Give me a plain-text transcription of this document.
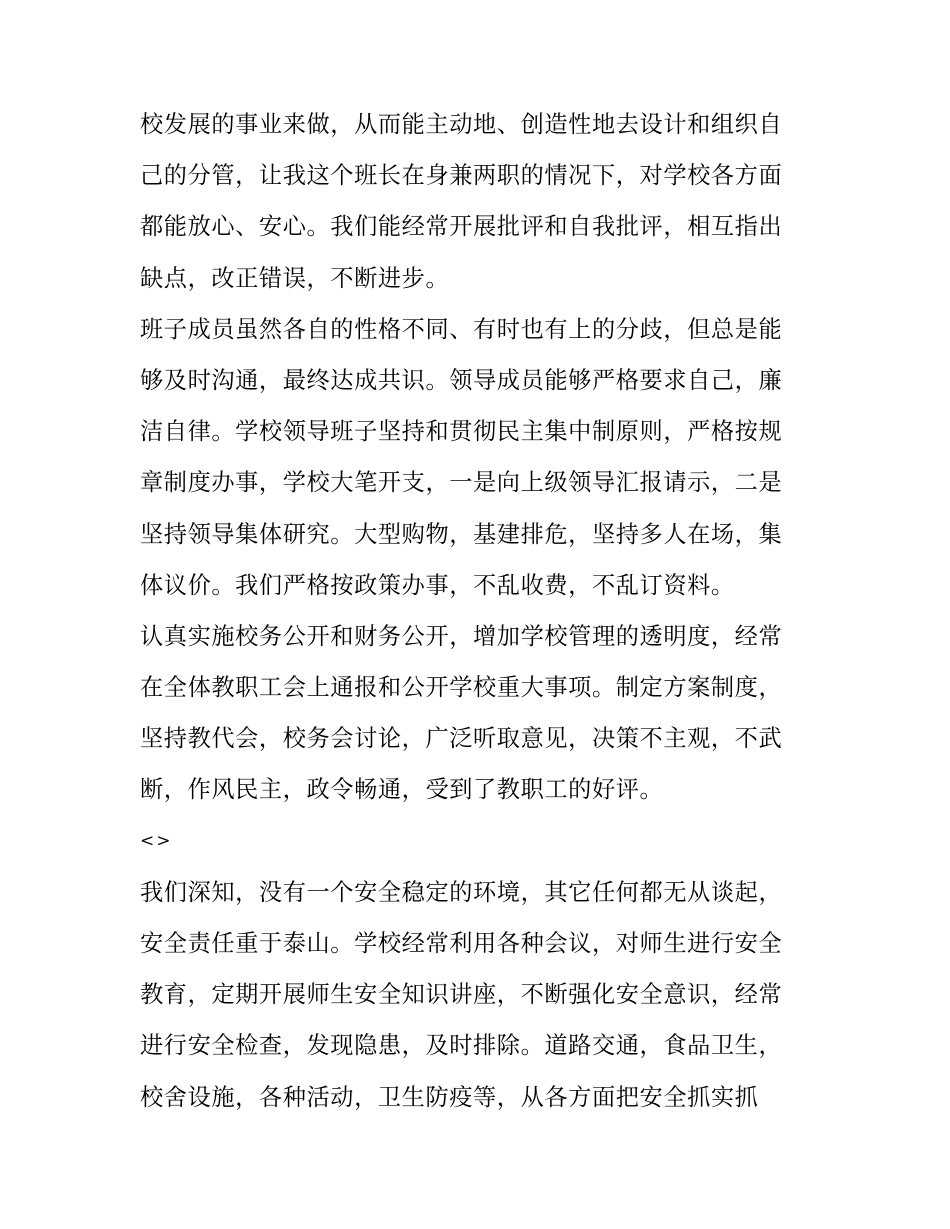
校发展的事业来做，从而能主动地、创造性地去设计和组织自
己的分管，让我这个班长在身兼两职的情况下，对学校各方面
都能放心、安心。我们能经常开展批评和自我批评，相互指出
缺点，改正错误，不断进步。
班子成员虽然各自的性格不同、有时也有上的分歧，但总是能
够及时沟通，最终达成共识。领导成员能够严格要求自己，廉
洁自律。学校领导班子坚持和贯彻民主集中制原则，严格按规
章制度办事，学校大笔开支，一是向上级领导汇报请示，二是
坚持领导集体研究。大型购物，基建排危，坚持多人在场，集
体议价。我们严格按政策办事，不乱收费，不乱订资料。
认真实施校务公开和财务公开，增加学校管理的透明度，经常
在全体教职工会上通报和公开学校重大事项。制定方案制度，
坚持教代会，校务会讨论，广泛听取意见，决策不主观，不武
断，作风民主，政令畅通，受到了教职工的好评。
<>
我们深知，没有一个安全稳定的环境，其它任何都无从谈起，
安全责任重于泰山。学校经常利用各种会议，对师生进行安全
教育，定期开展师生安全知识讲座，不断强化安全意识，经常
进行安全检查，发现隐患，及时排除。道路交通，食品卫生，
校舍设施，各种活动，卫生防疫等，从各方面把安全抓实抓
